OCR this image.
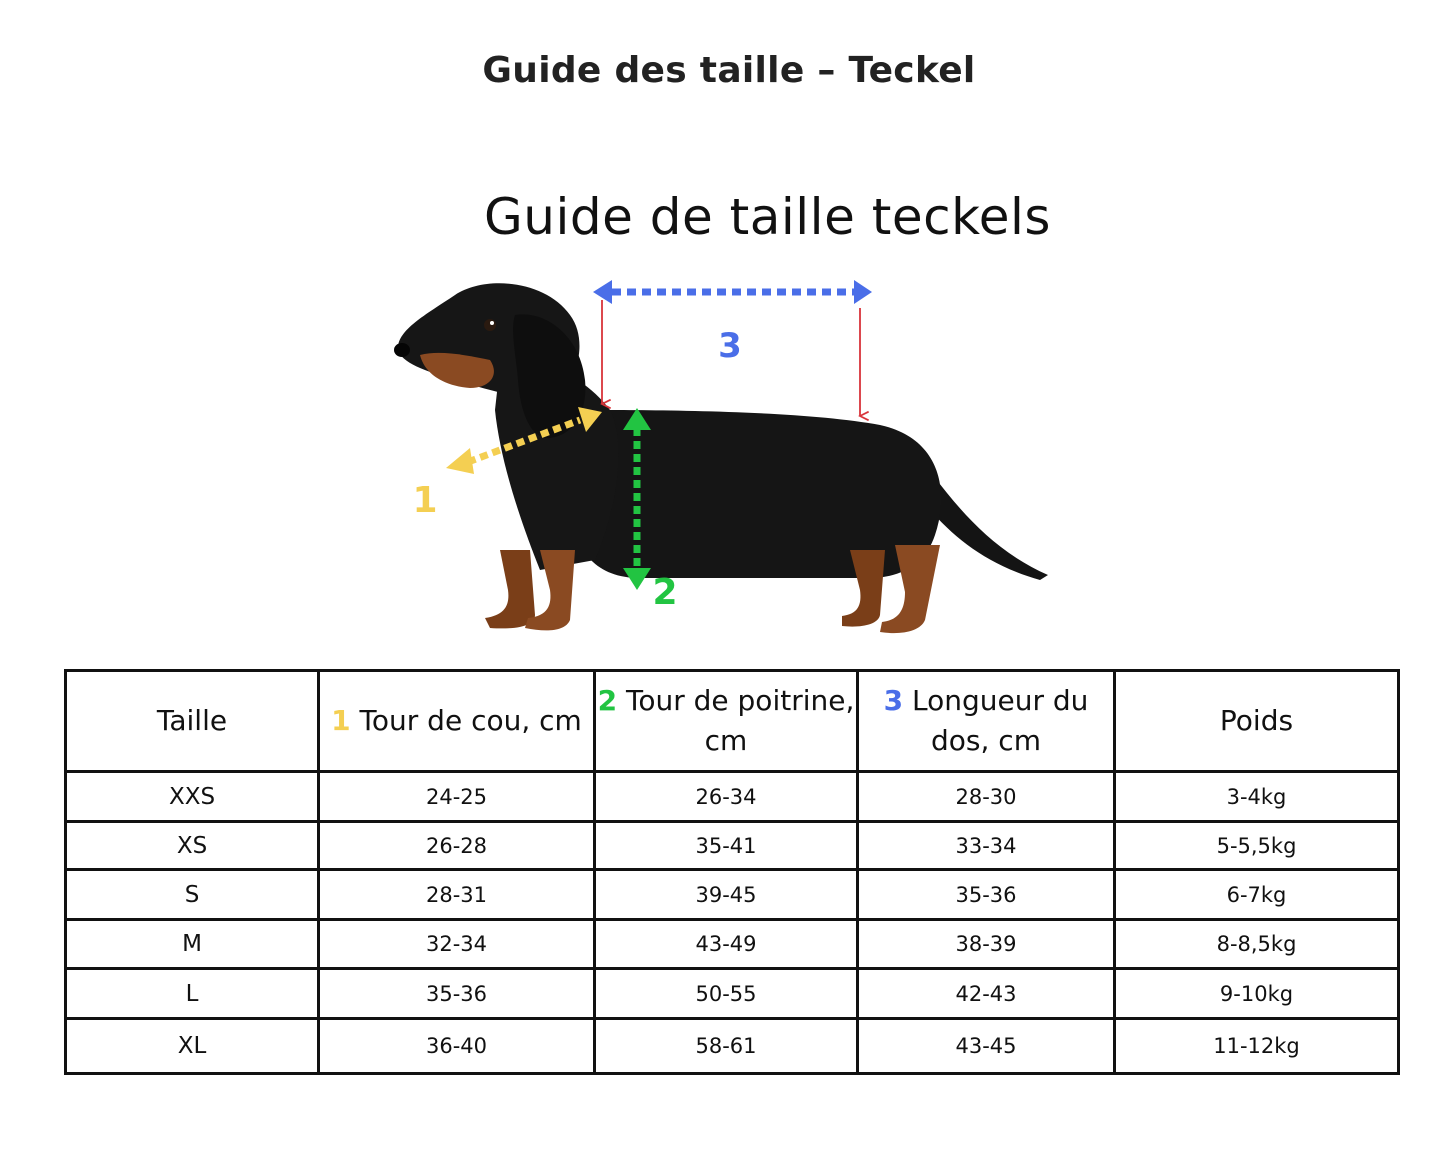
Guide des taille – Teckel
Guide de taille teckels
3
1
2
Taille	1 Tour de cou, cm	2 Tour de poitrine, cm	3 Longueur du dos, cm	Poids
XXS	24-25	26-34	28-30	3-4kg
XS	26-28	35-41	33-34	5-5,5kg
S	28-31	39-45	35-36	6-7kg
M	32-34	43-49	38-39	8-8,5kg
L	35-36	50-55	42-43	9-10kg
XL	36-40	58-61	43-45	11-12kg
